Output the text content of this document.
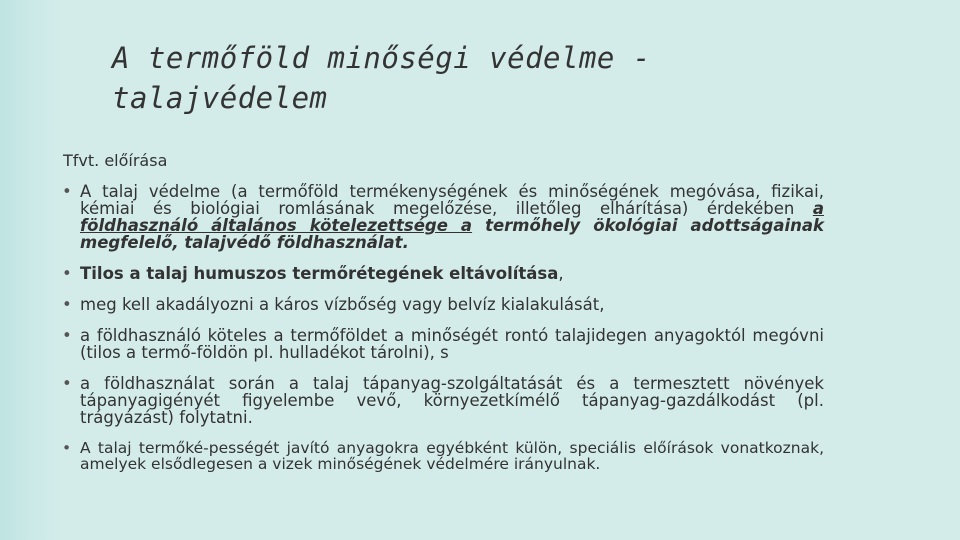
A termőföld minőségi védelme - talajvédelem
Tfvt. előírása
• A talaj védelme (a termőföld termékenységének és minőségének megóvása, fizikai, kémiai és biológiai romlásának megelőzése, illetőleg elhárítása) érdekében a földhasználó általános kötelezettsége a termőhely ökológiai adottságainak megfelelő, talajvédő földhasználat.
• Tilos a talaj humuszos termőrétegének eltávolítása,
• meg kell akadályozni a káros vízbőség vagy belvíz kialakulását,
• a földhasználó köteles a termőföldet a minőségét rontó talajidegen anyagoktól megóvni (tilos a termő-földön pl. hulladékot tárolni), s
• a földhasználat során a talaj tápanyag-szolgáltatását és a termesztett növények tápanyagigényét figyelembe vevő, környezetkímélő tápanyag-gazdálkodást (pl. trágyázást) folytatni.
• A talaj termőké-pességét javító anyagokra egyébként külön, speciális előírások vonatkoznak, amelyek elsődlegesen a vizek minőségének védelmére irányulnak.
